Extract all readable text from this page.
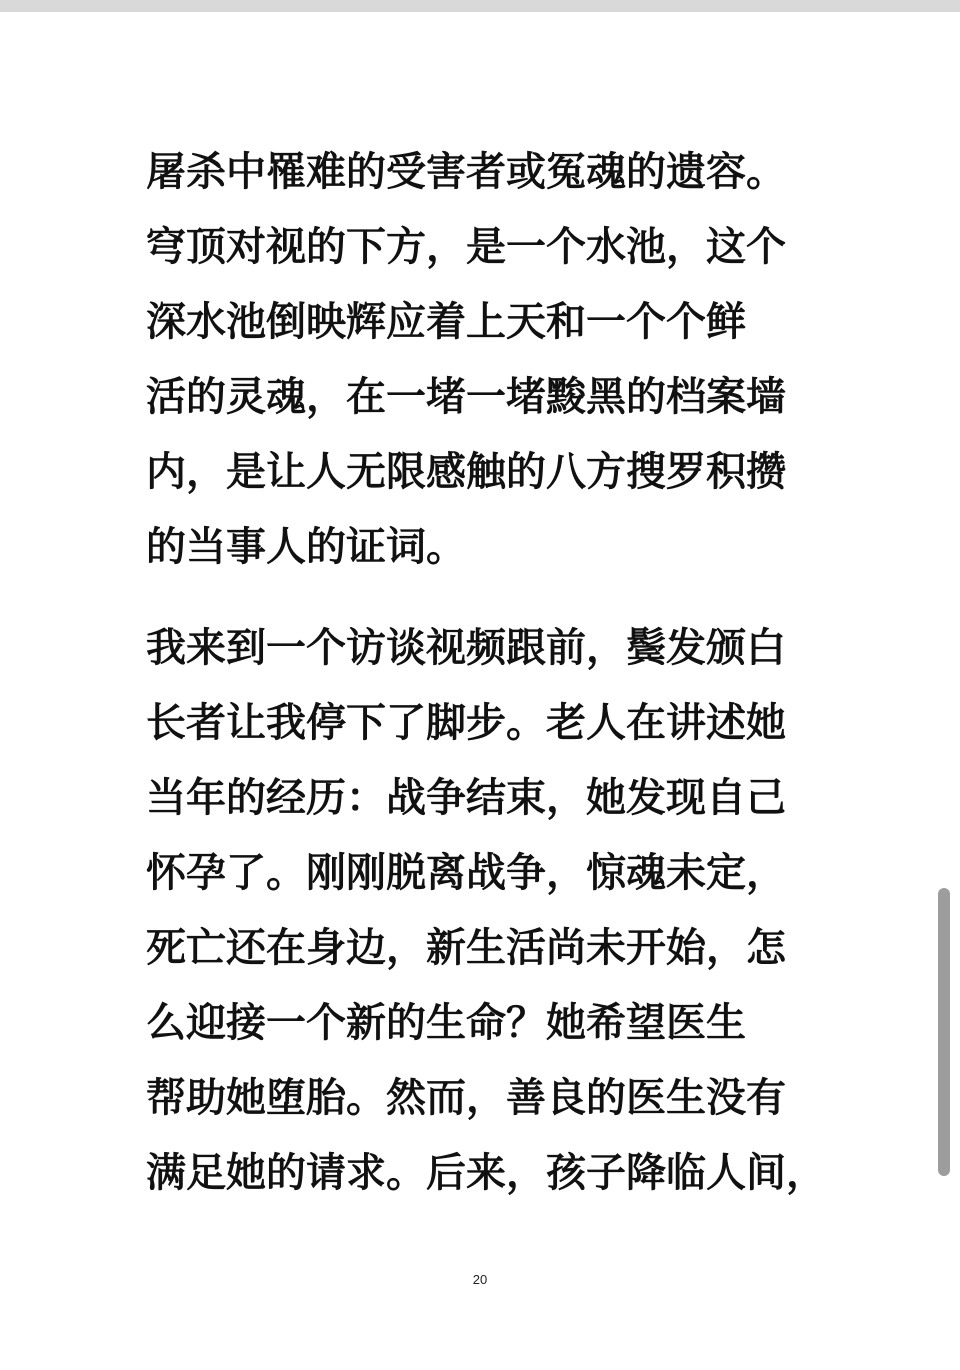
屠杀中罹难的受害者或冤魂的遗容。
穹顶对视的下方，是一个水池，这个
深水池倒映辉应着上天和一个个鲜
活的灵魂，在一堵一堵黢黑的档案墙
内，是让人无限感触的八方搜罗积攒
的当事人的证词。
我来到一个访谈视频跟前，鬓发颁白
长者让我停下了脚步。老人在讲述她
当年的经历：战争结束，她发现自己
怀孕了。刚刚脱离战争，惊魂未定，
死亡还在身边，新生活尚未开始，怎
么迎接一个新的生命？她希望医生
帮助她堕胎。然而，善良的医生没有
满足她的请求。后来，孩子降临人间，
20
